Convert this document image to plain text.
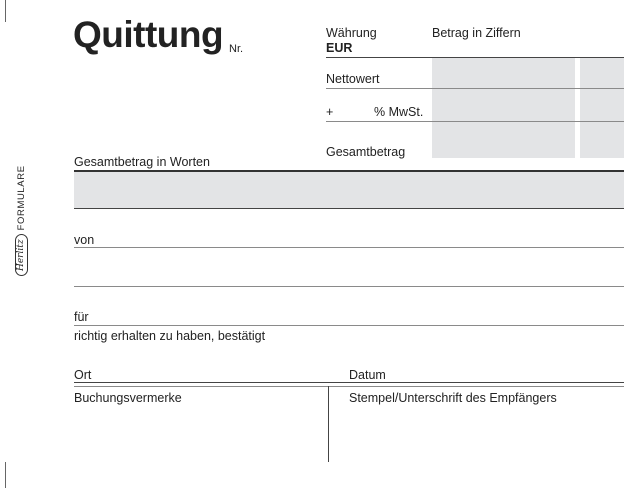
Herlitz
FORMULARE
Quittung Nr.
Währung
EUR
Betrag in Ziffern
Nettowert
+	% MwSt.
Gesamtbetrag
Gesamtbetrag in Worten
von
für
richtig erhalten zu haben, bestätigt
Ort	Datum
Buchungsvermerke	Stempel/Unterschrift des Empfängers
